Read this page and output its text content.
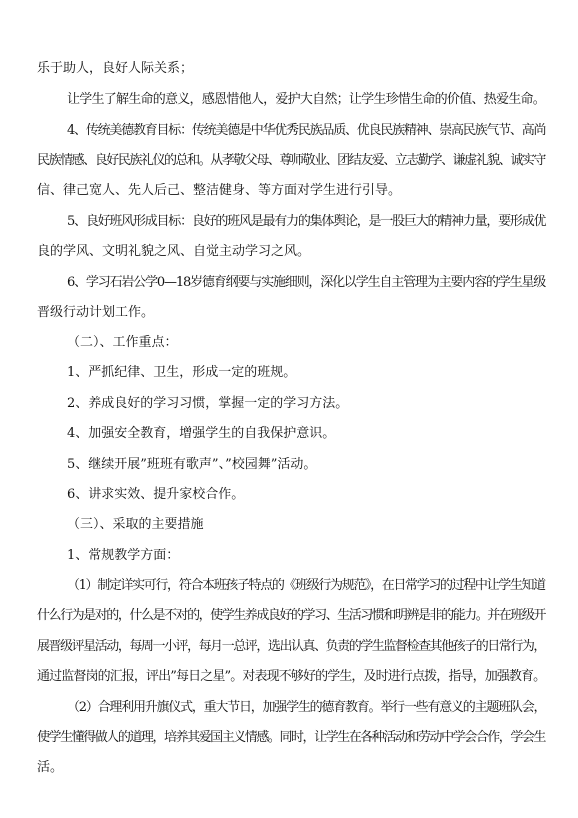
乐于助人，良好人际关系；

让学生了解生命的意义，感恩惜他人，爱护大自然；让学生珍惜生命的价值、热爱生命。

4、传统美德教育目标：传统美德是中华优秀民族品质、优良民族精神、崇高民族气节、高尚

民族情感、良好民族礼仪的总和。从孝敬父母、尊师敬业、团结友爱、立志勤学、谦虚礼貌、诚实守

信、律己宽人、先人后己、整洁健身、等方面对学生进行引导。

5、良好班风形成目标：良好的班风是最有力的集体舆论，是一股巨大的精神力量，要形成优

良的学风、文明礼貌之风、自觉主动学习之风。

6、学习石岩公学0—18岁德育纲要与实施细则，深化以学生自主管理为主要内容的学生星级

晋级行动计划工作。

（二）、工作重点：

1、严抓纪律、卫生，形成一定的班规。

2、养成良好的学习习惯，掌握一定的学习方法。

4、加强安全教育，增强学生的自我保护意识。

5、继续开展”班班有歌声”、”校园舞”活动。

6、讲求实效、提升家校合作。

（三）、采取的主要措施

1、常规教学方面：

（1）制定详实可行，符合本班孩子特点的《班级行为规范》，在日常学习的过程中让学生知道

什么行为是对的，什么是不对的，使学生养成良好的学习、生活习惯和明辨是非的能力。并在班级开

展晋级评星活动，每周一小评，每月一总评，选出认真、负责的学生监督检查其他孩子的日常行为，

通过监督岗的汇报，评出”每日之星”。对表现不够好的学生，及时进行点拨，指导，加强教育。

（2）合理利用升旗仪式，重大节日，加强学生的德育教育。举行一些有意义的主题班队会，

使学生懂得做人的道理，培养其爱国主义情感。同时，让学生在各种活动和劳动中学会合作，学会生

活。
